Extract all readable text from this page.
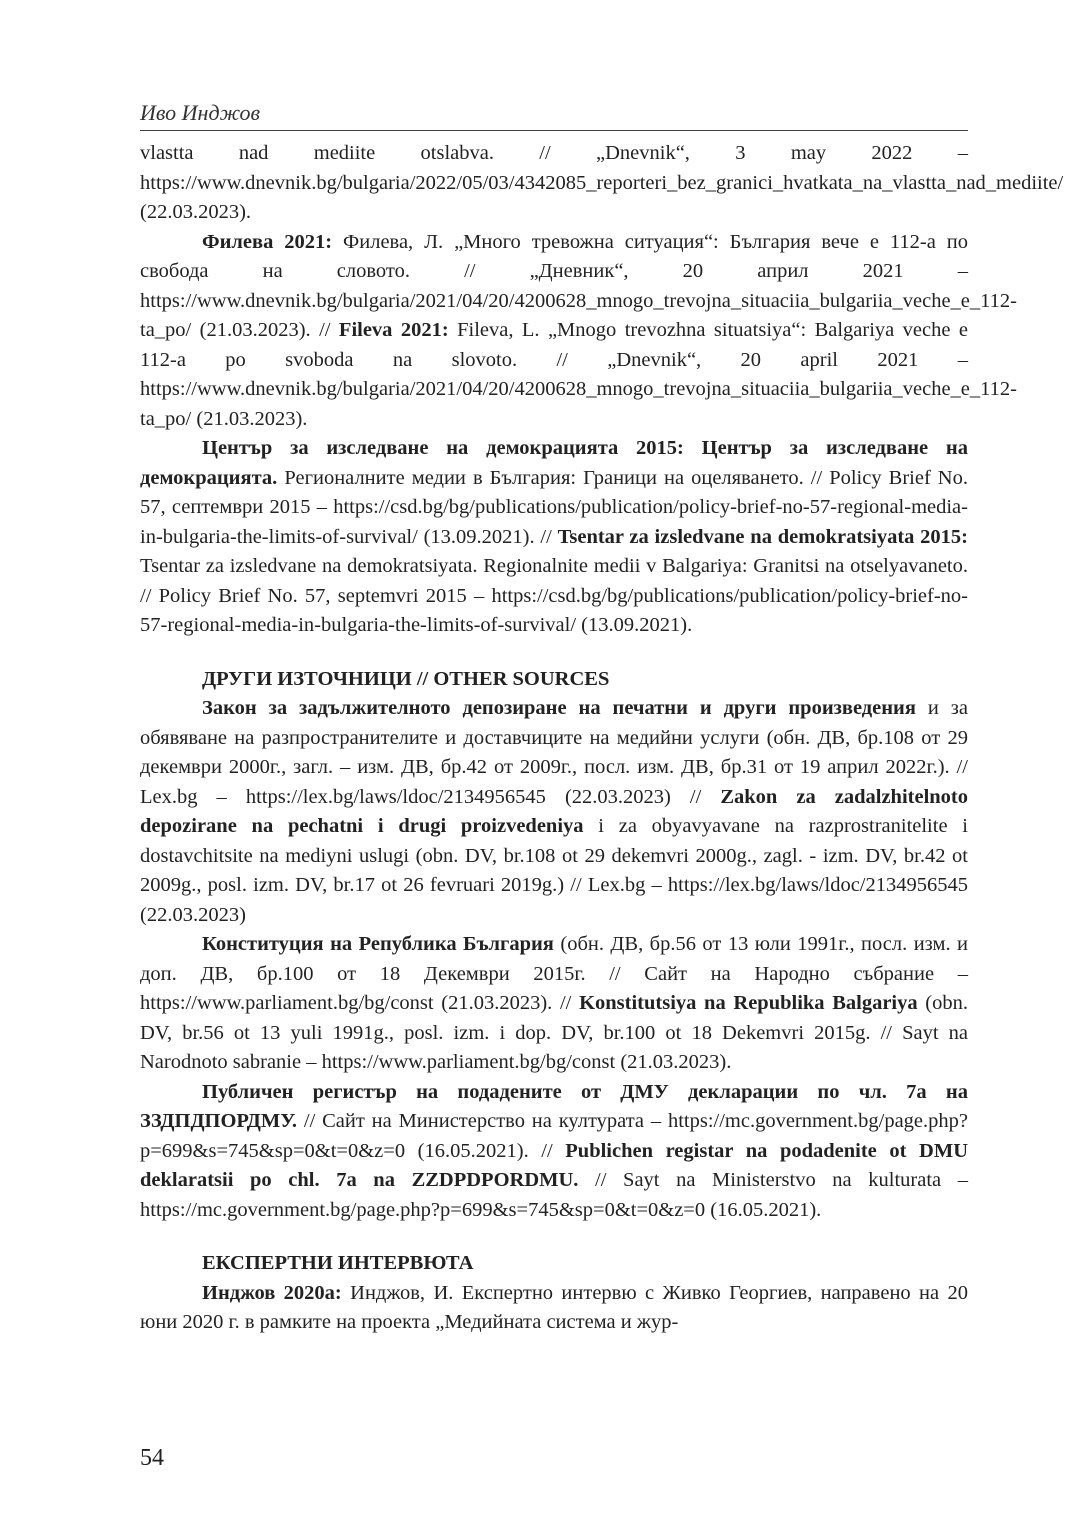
Иво Инджов

vlastta nad mediite otslabva. // „Dnevnik“, 3 may 2022 – https://www.dnevnik.bg/bulgaria/2022/05/03/4342085_reporteri_bez_granici_hvatkata_na_vlastta_nad_mediite/ (22.03.2023).

Филева 2021: Филева, Л. „Много тревожна ситуация“: България вече е 112-а по свобода на словото. // „Дневник“, 20 април 2021 – https://www.dnevnik.bg/bulgaria/2021/04/20/4200628_mnogo_trevojna_situaciia_bulgariia_veche_e_112-ta_po/ (21.03.2023). // Fileva 2021: Fileva, L. „Mnogo trevozhna situatsiya“: Balgariya veche e 112-a po svoboda na slovoto. // „Dnevnik“, 20 april 2021 – https://www.dnevnik.bg/bulgaria/2021/04/20/4200628_mnogo_trevojna_situaciia_bulgariia_veche_e_112-ta_po/ (21.03.2023).

Център за изследване на демокрацията 2015: Център за изследване на демокрацията. Регионалните медии в България: Граници на оцеляването. // Policy Brief No. 57, септември 2015 – https://csd.bg/bg/publications/publication/policy-brief-no-57-regional-media-in-bulgaria-the-limits-of-survival/ (13.09.2021). // Tsentar za izsledvane na demokratsiyata 2015: Tsentar za izsledvane na demokratsiyata. Regionalnite medii v Balgariya: Granitsi na otselyavaneto. // Policy Brief No. 57, septemvri 2015 – https://csd.bg/bg/publications/publication/policy-brief-no-57-regional-media-in-bulgaria-the-limits-of-survival/ (13.09.2021).

ДРУГИ ИЗТОЧНИЦИ // OTHER SOURCES

Закон за задължителното депозиране на печатни и други произведения и за обявяване на разпространителите и доставчиците на медийни услуги (обн. ДВ, бр.108 от 29 декември 2000г., загл. – изм. ДВ, бр.42 от 2009г., посл. изм. ДВ, бр.31 от 19 април 2022г.). // Lex.bg – https://lex.bg/laws/ldoc/2134956545 (22.03.2023) // Zakon za zadalzhitelnoto depozirane na pechatni i drugi proizvedeniya i za obyavyavane na razprostranitelite i dostavchitsite na mediyni uslugi (obn. DV, br.108 ot 29 dekemvri 2000g., zagl. - izm. DV, br.42 ot 2009g., posl. izm. DV, br.17 ot 26 fevruari 2019g.) // Lex.bg – https://lex.bg/laws/ldoc/2134956545 (22.03.2023)

Конституция на Република България (обн. ДВ, бр.56 от 13 юли 1991г., посл. изм. и доп. ДВ, бр.100 от 18 Декември 2015г. // Сайт на Народно събрание – https://www.parliament.bg/bg/const (21.03.2023). // Konstitutsiya na Republika Balgariya (obn. DV, br.56 ot 13 yuli 1991g., posl. izm. i dop. DV, br.100 ot 18 Dekemvri 2015g. // Sayt na Narodnoto sabranie – https://www.parliament.bg/bg/const (21.03.2023).

Публичен регистър на подадените от ДМУ декларации по чл. 7а на ЗЗДПДПОРДМУ. // Сайт на Министерство на културата – https://mc.government.bg/page.php?p=699&s=745&sp=0&t=0&z=0 (16.05.2021). // Publichen registar na podadenite ot DMU deklaratsii po chl. 7a na ZZDPDPORDMU. // Sayt na Ministerstvo na kulturata – https://mc.government.bg/page.php?p=699&s=745&sp=0&t=0&z=0 (16.05.2021).

ЕКСПЕРТНИ ИНТЕРВЮТА

Инджов 2020а: Инджов, И. Експертно интервю с Живко Георгиев, направено на 20 юни 2020 г. в рамките на проекта „Медийната система и жур-

54
